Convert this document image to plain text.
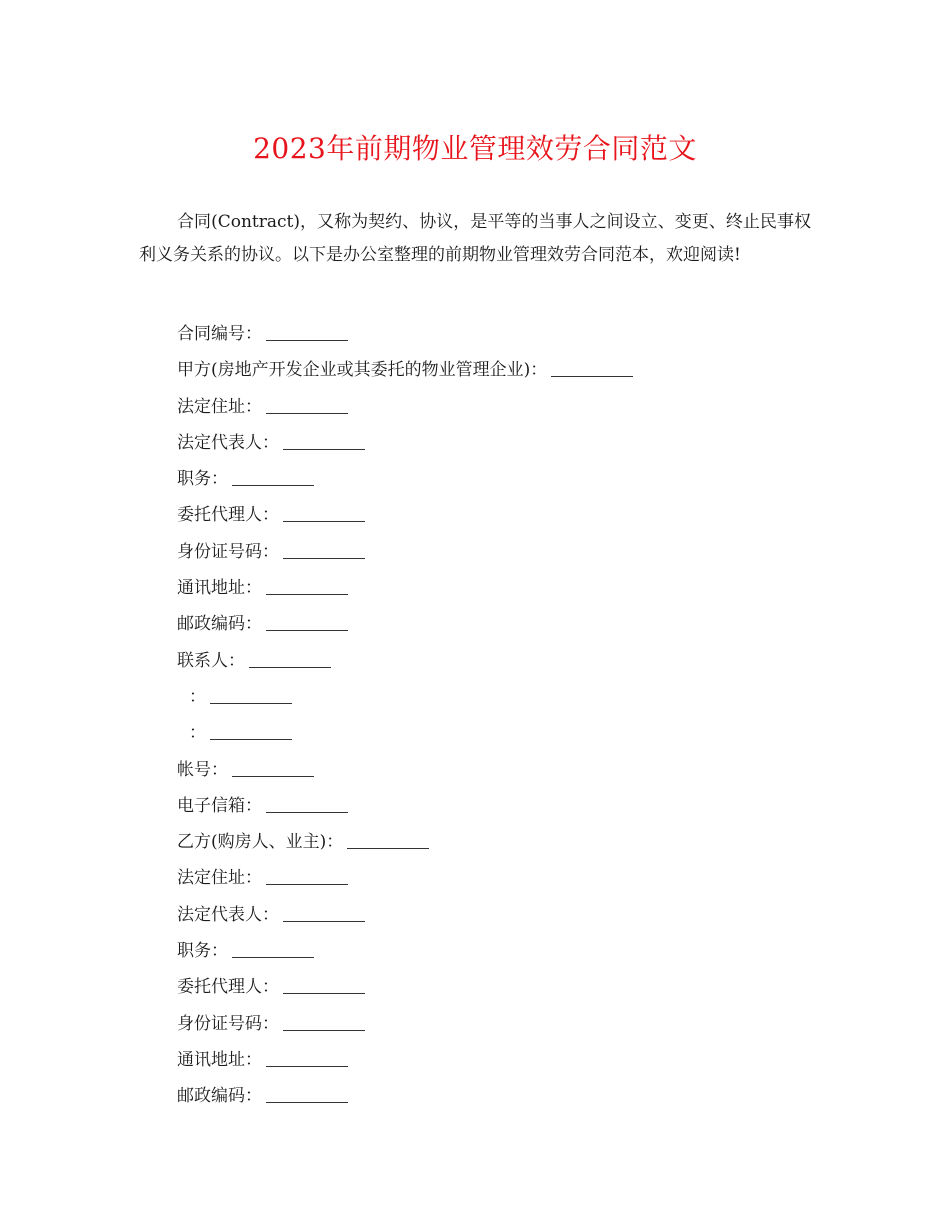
2023年前期物业管理效劳合同范文
合同(Contract)，又称为契约、协议，是平等的当事人之间设立、变更、终止民事权利义务关系的协议。以下是办公室整理的前期物业管理效劳合同范本，欢迎阅读!
合同编号：
甲方(房地产开发企业或其委托的物业管理企业)：
法定住址：
法定代表人：
职务：
委托代理人：
身份证号码：
通讯地址：
邮政编码：
联系人：
：
：
帐号：
电子信箱：
乙方(购房人、业主)：
法定住址：
法定代表人：
职务：
委托代理人：
身份证号码：
通讯地址：
邮政编码：
